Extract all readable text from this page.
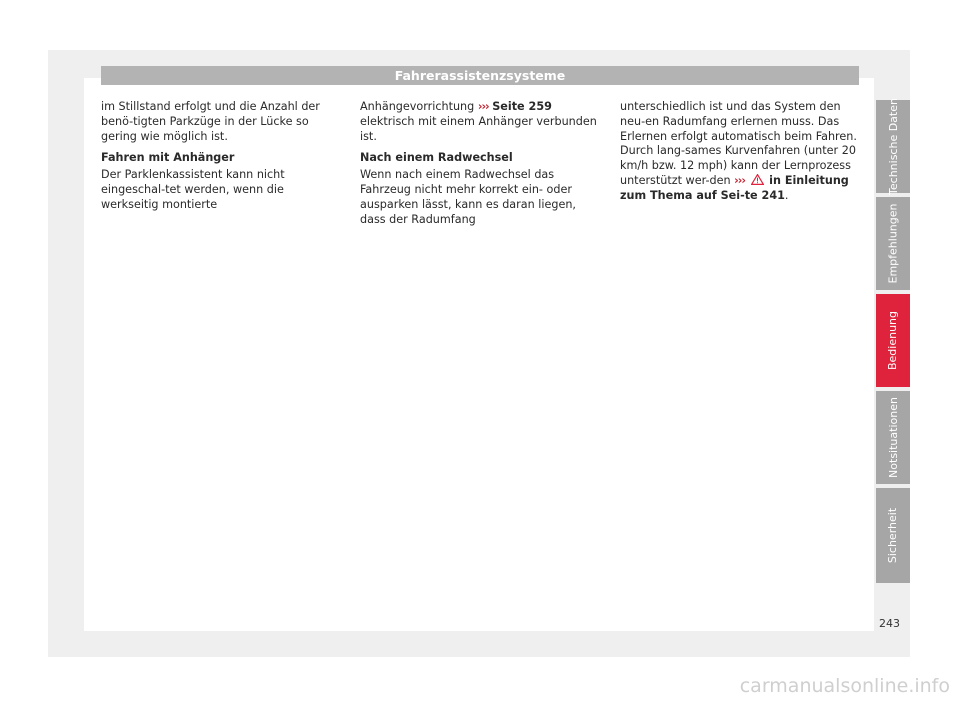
Fahrerassistenzsysteme

im Stillstand erfolgt und die Anzahl der benö-tigten Parkzüge in der Lücke so gering wie möglich ist.

Fahren mit Anhänger

Der Parklenkassistent kann nicht eingeschal-tet werden, wenn die werkseitig montierte

Anhängevorrichtung ››› Seite 259 elektrisch mit einem Anhänger verbunden ist.

Nach einem Radwechsel

Wenn nach einem Radwechsel das Fahrzeug nicht mehr korrekt ein- oder ausparken lässt, kann es daran liegen, dass der Radumfang

unterschiedlich ist und das System den neu-en Radumfang erlernen muss. Das Erlernen erfolgt automatisch beim Fahren. Durch lang-sames Kurvenfahren (unter 20 km/h bzw. 12 mph) kann der Lernprozess unterstützt wer-den ››› in Einleitung zum Thema auf Sei-te 241.

Technische Daten
Empfehlungen
Bedienung
Notsituationen
Sicherheit
243
carmanualsonline.info
